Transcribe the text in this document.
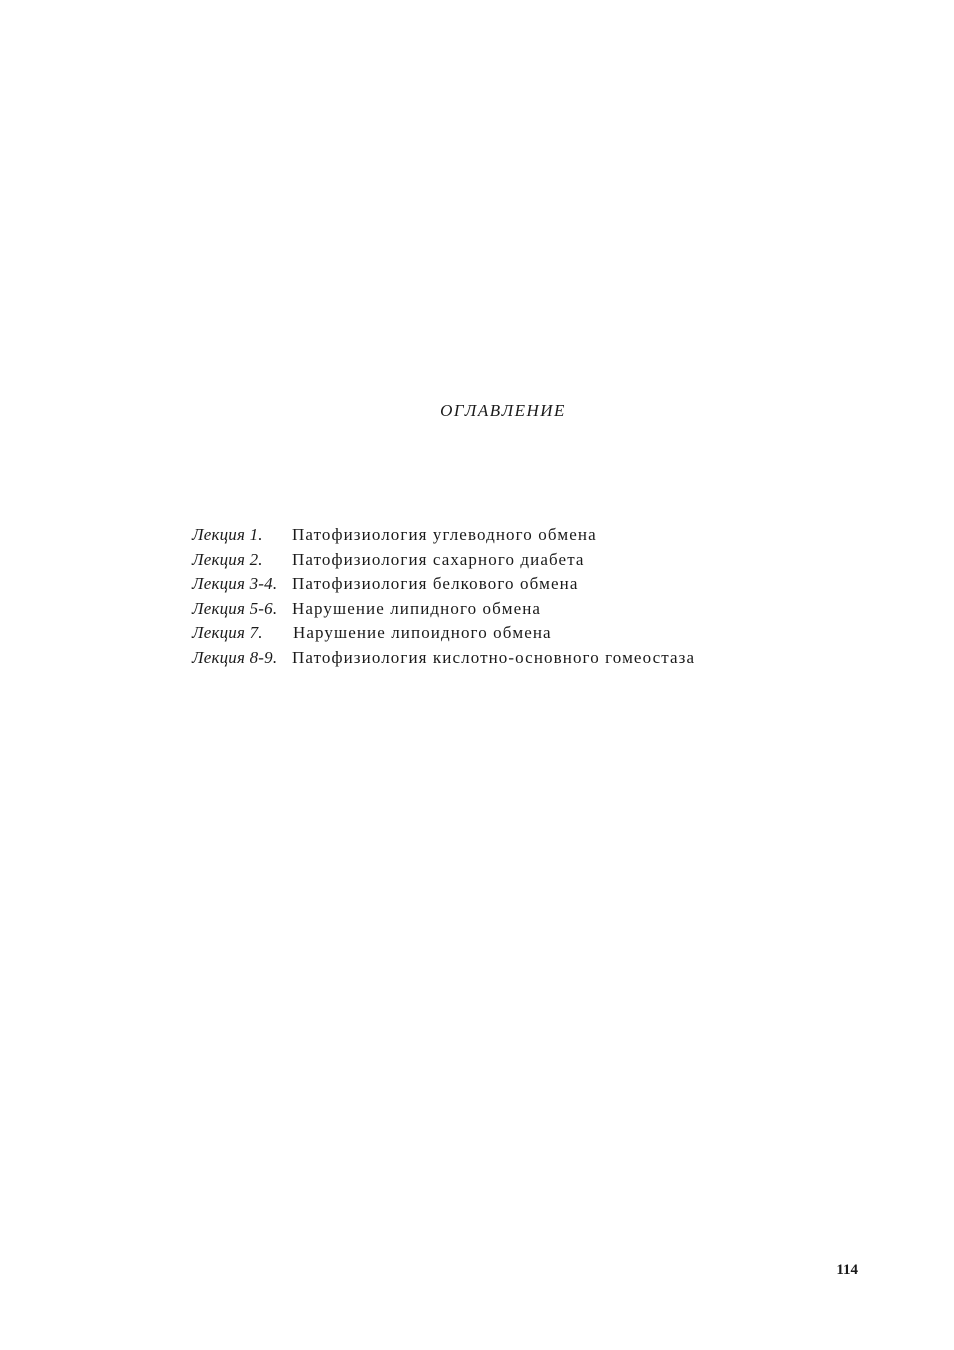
ОГЛАВЛЕНИЕ
Лекция 1.	Патофизиология углеводного обмена
Лекция 2.	Патофизиология сахарного диабета
Лекция 3-4. Патофизиология белкового обмена
Лекция 5-6. Нарушение липидного обмена
Лекция 7.	Нарушение липоидного обмена
Лекция 8-9. Патофизиология кислотно-основного гомеостаза
114
